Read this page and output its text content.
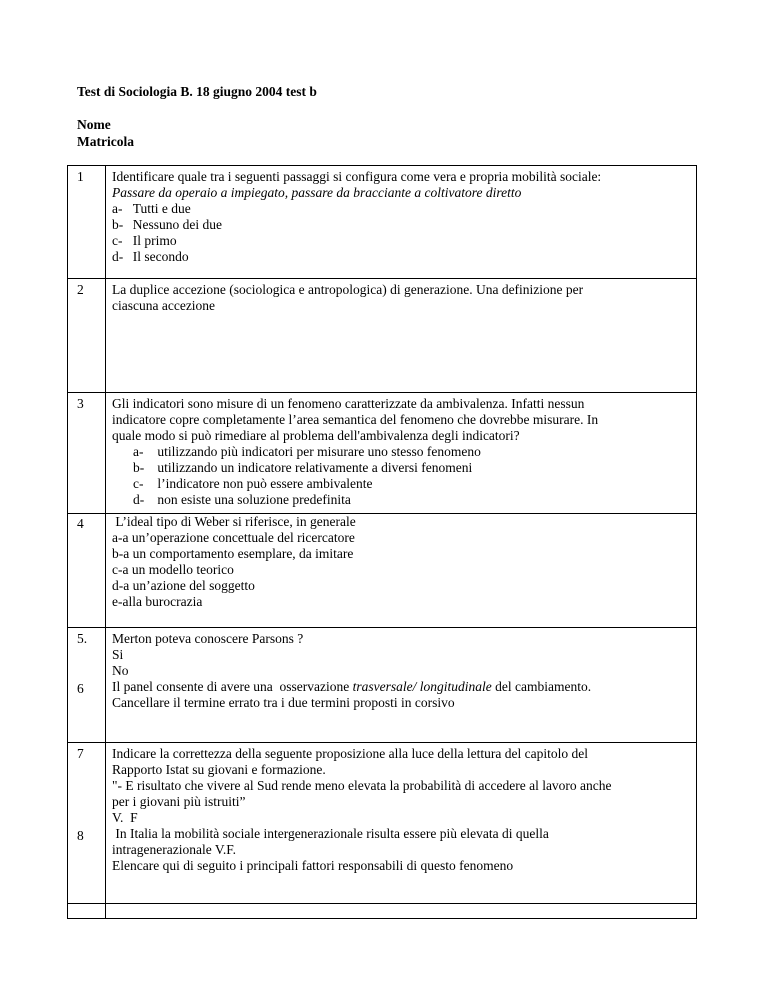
Test di Sociologia B. 18 giugno 2004 test b
Nome
Matricola
1 Identificare quale tra i seguenti passaggi si configura come vera e propria mobilità sociale:
Passare da operaio a impiegato, passare da bracciante a coltivatore diretto
a-
Tutti e due
b-
Nessuno dei due
c-
Il primo
d-
Il secondo
2 La duplice accezione (sociologica e antropologica) di generazione. Una definizione per
ciascuna accezione
3 Gli indicatori sono misure di un fenomeno caratterizzate da ambivalenza. Infatti nessun
indicatore copre completamente l’area semantica del fenomeno che dovrebbe misurare. In
quale modo si può rimediare al problema dell'ambivalenza degli indicatori?
a-
	utilizzando più indicatori per misurare uno stesso fenomeno
b-
utilizzando un indicatore relativamente a diversi fenomeni
c-
	l’indicatore non può essere ambivalente
d-
non esiste una soluzione predefinita
4 L’ideal tipo di Weber si riferisce, in generale
a-a un’operazione concettuale del ricercatore
b-a un comportamento esemplare, da imitare
c-a un modello teorico
d-a un’azione del soggetto
e-alla burocrazia
5. Merton poteva conoscere Parsons ?
Si
No
6 Il panel consente di avere una  osservazione trasversale/ longitudinale del cambiamento.
Cancellare il termine errato tra i due termini proposti in corsivo
7 Indicare la correttezza della seguente proposizione alla luce della lettura del capitolo del
Rapporto Istat su giovani e formazione.
"- E risultato che vivere al Sud rende meno elevata la probabilità di accedere al lavoro anche
per i giovani più istruiti”
V.  F
8 In Italia la mobilità sociale intergenerazionale risulta essere più elevata di quella
intragenerazionale V.F.
Elencare qui di seguito i principali fattori responsabili di questo fenomeno
